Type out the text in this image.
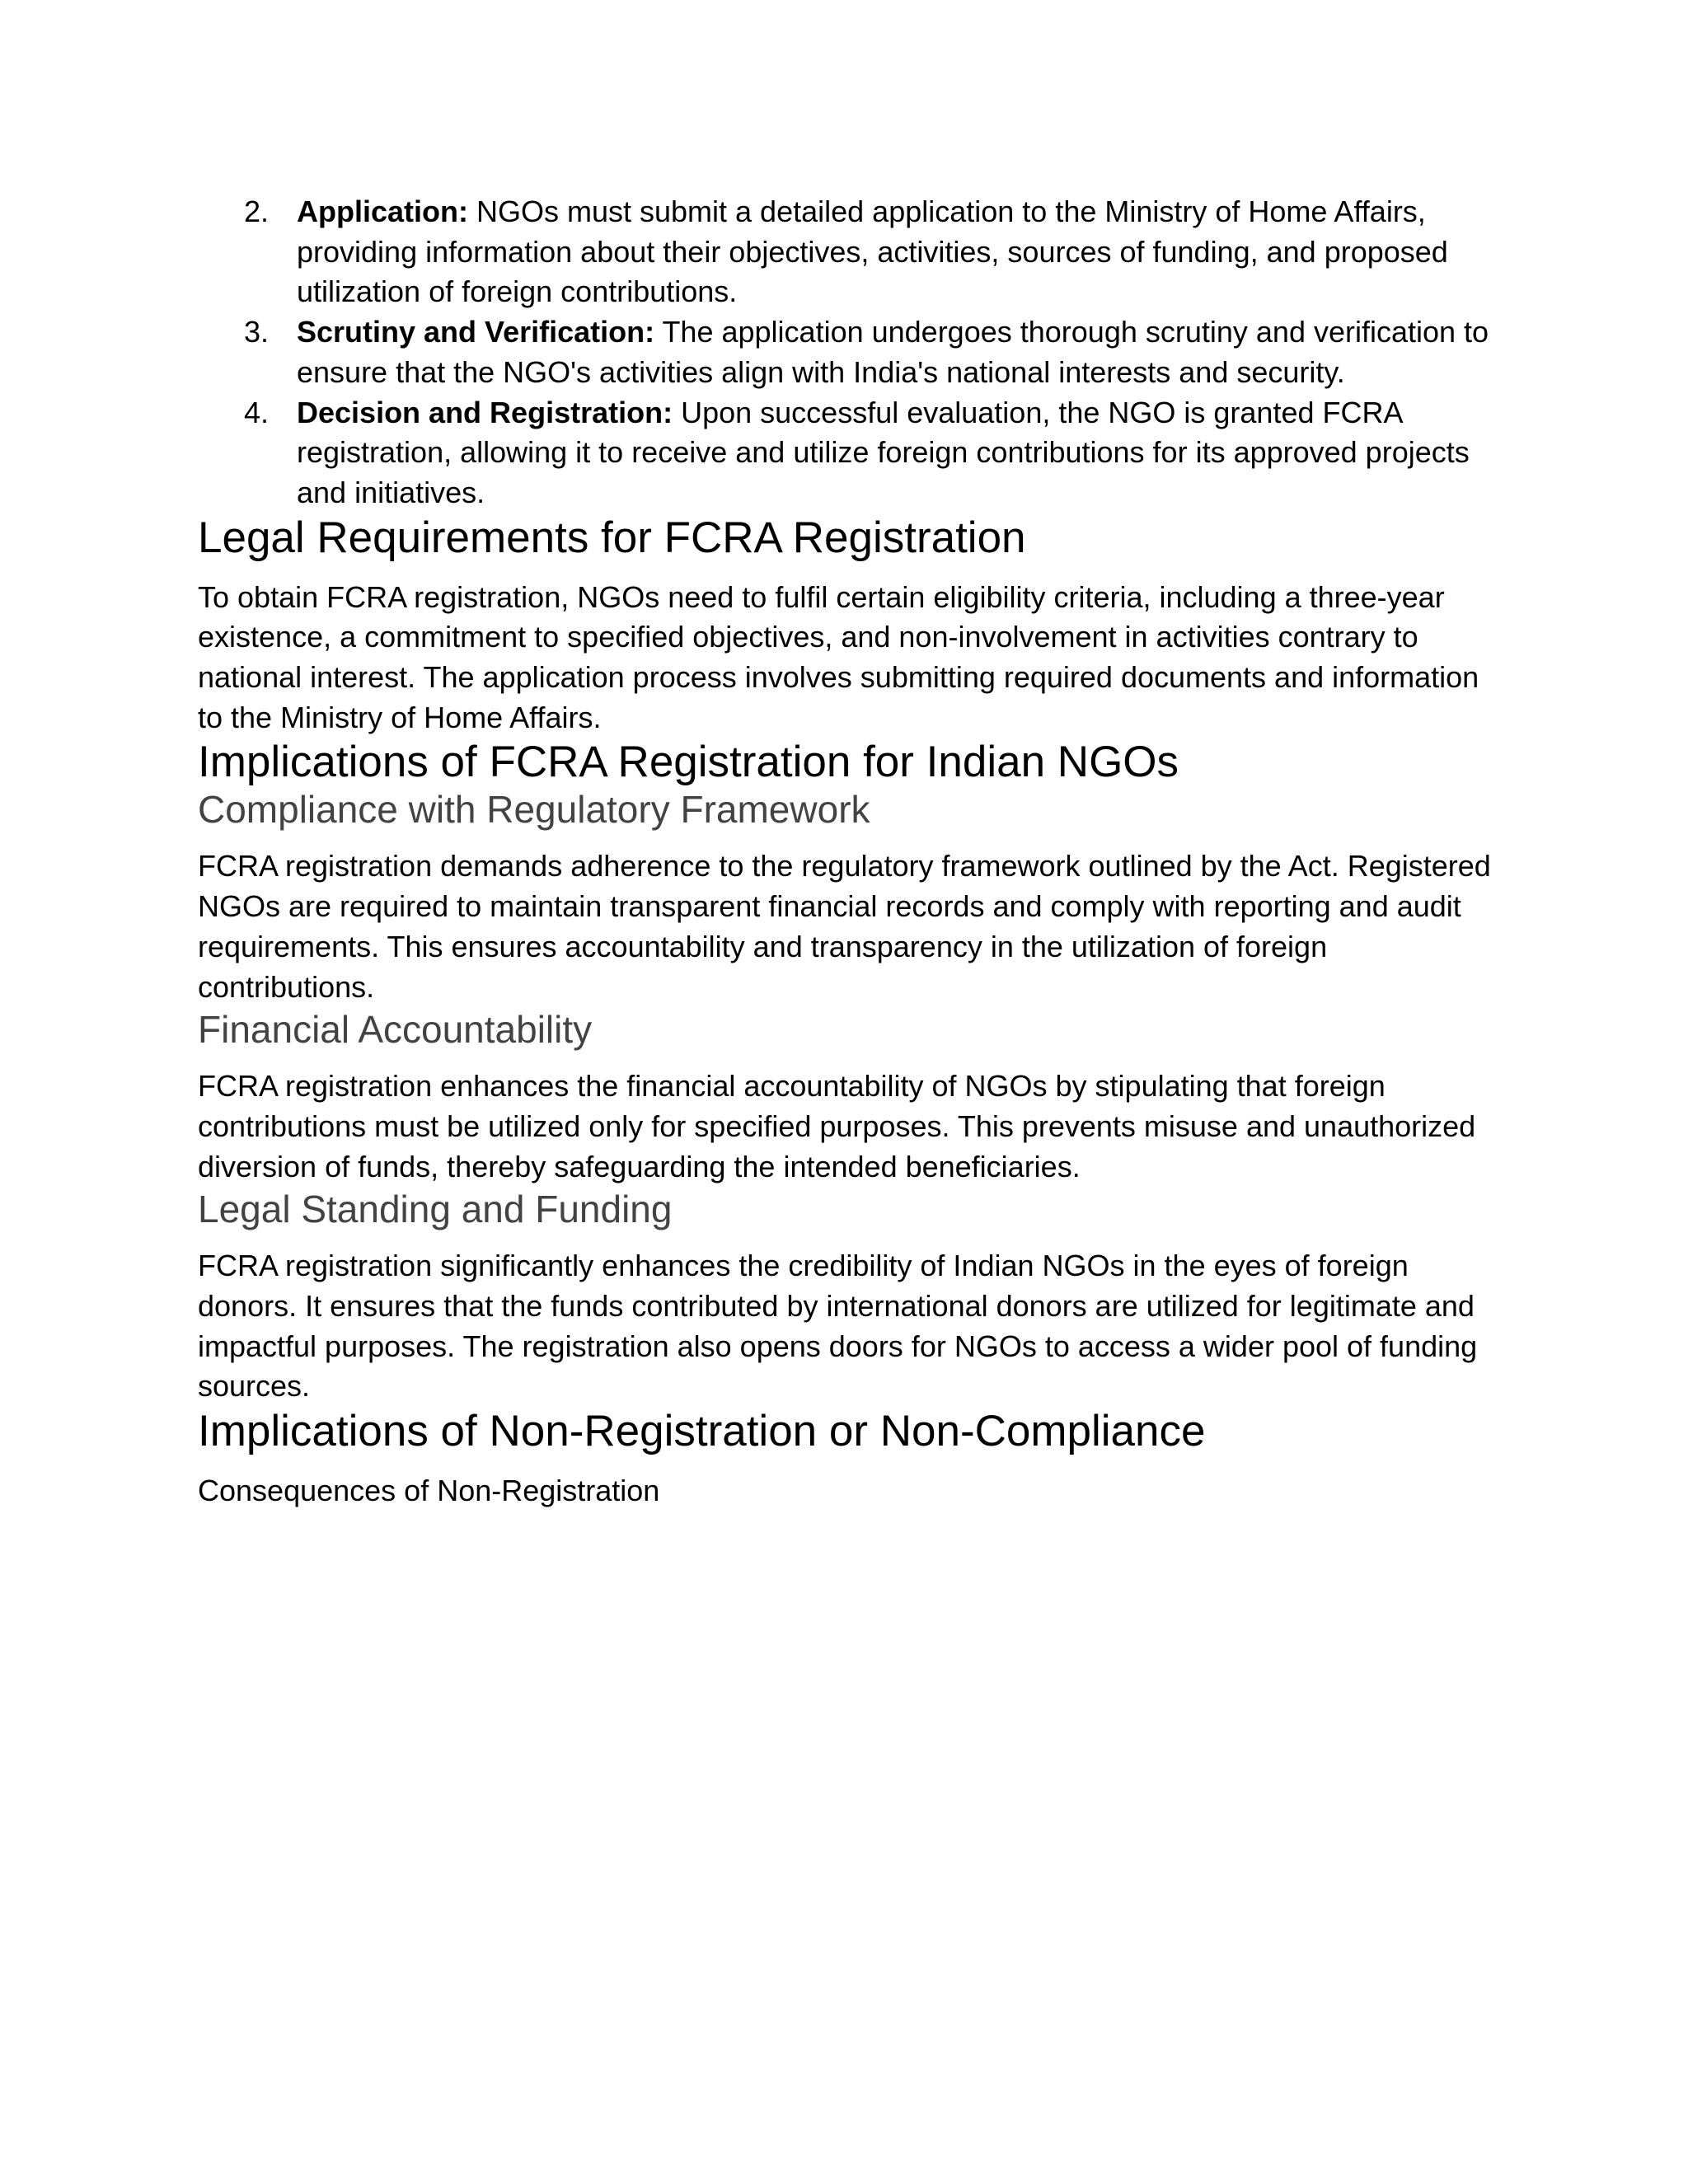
2. Application: NGOs must submit a detailed application to the Ministry of Home Affairs, providing information about their objectives, activities, sources of funding, and proposed utilization of foreign contributions.
3. Scrutiny and Verification: The application undergoes thorough scrutiny and verification to ensure that the NGO's activities align with India's national interests and security.
4. Decision and Registration: Upon successful evaluation, the NGO is granted FCRA registration, allowing it to receive and utilize foreign contributions for its approved projects and initiatives.
Legal Requirements for FCRA Registration

To obtain FCRA registration, NGOs need to fulfil certain eligibility criteria, including a three-year existence, a commitment to specified objectives, and non-involvement in activities contrary to national interest. The application process involves submitting required documents and information to the Ministry of Home Affairs.

Implications of FCRA Registration for Indian NGOs
Compliance with Regulatory Framework

FCRA registration demands adherence to the regulatory framework outlined by the Act. Registered NGOs are required to maintain transparent financial records and comply with reporting and audit requirements. This ensures accountability and transparency in the utilization of foreign contributions.

Financial Accountability

FCRA registration enhances the financial accountability of NGOs by stipulating that foreign contributions must be utilized only for specified purposes. This prevents misuse and unauthorized diversion of funds, thereby safeguarding the intended beneficiaries.

Legal Standing and Funding

FCRA registration significantly enhances the credibility of Indian NGOs in the eyes of foreign donors. It ensures that the funds contributed by international donors are utilized for legitimate and impactful purposes. The registration also opens doors for NGOs to access a wider pool of funding sources.

Implications of Non-Registration or Non-Compliance

Consequences of Non-Registration
